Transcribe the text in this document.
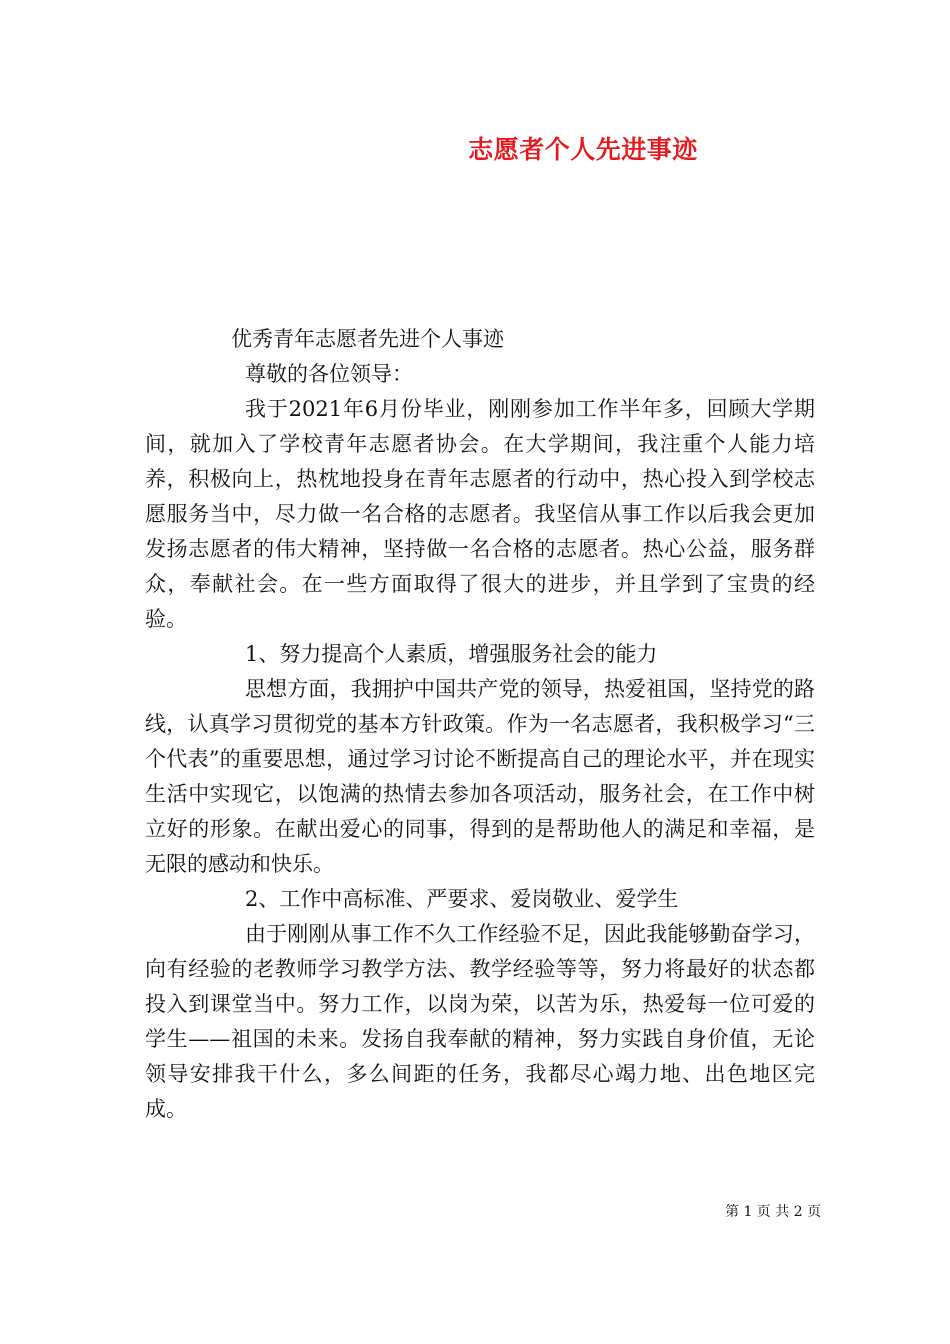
志愿者个人先进事迹

优秀青年志愿者先进个人事迹

尊敬的各位领导：

我于2021年6月份毕业，刚刚参加工作半年多，回顾大学期间，就加入了学校青年志愿者协会。在大学期间，我注重个人能力培养，积极向上，热枕地投身在青年志愿者的行动中，热心投入到学校志愿服务当中，尽力做一名合格的志愿者。我坚信从事工作以后我会更加发扬志愿者的伟大精神，坚持做一名合格的志愿者。热心公益，服务群众，奉献社会。在一些方面取得了很大的进步，并且学到了宝贵的经验。

1、努力提高个人素质，增强服务社会的能力

思想方面，我拥护中国共产党的领导，热爱祖国，坚持党的路线，认真学习贯彻党的基本方针政策。作为一名志愿者，我积极学习“三个代表”的重要思想，通过学习讨论不断提高自己的理论水平，并在现实生活中实现它，以饱满的热情去参加各项活动，服务社会，在工作中树立好的形象。在献出爱心的同事，得到的是帮助他人的满足和幸福，是无限的感动和快乐。

2、工作中高标准、严要求、爱岗敬业、爱学生

由于刚刚从事工作不久工作经验不足，因此我能够勤奋学习，向有经验的老教师学习教学方法、教学经验等等，努力将最好的状态都投入到课堂当中。努力工作，以岗为荣，以苦为乐，热爱每一位可爱的学生——祖国的未来。发扬自我奉献的精神，努力实践自身价值，无论领导安排我干什么，多么间距的任务，我都尽心竭力地、出色地区完成。

第 1 页 共 2 页
